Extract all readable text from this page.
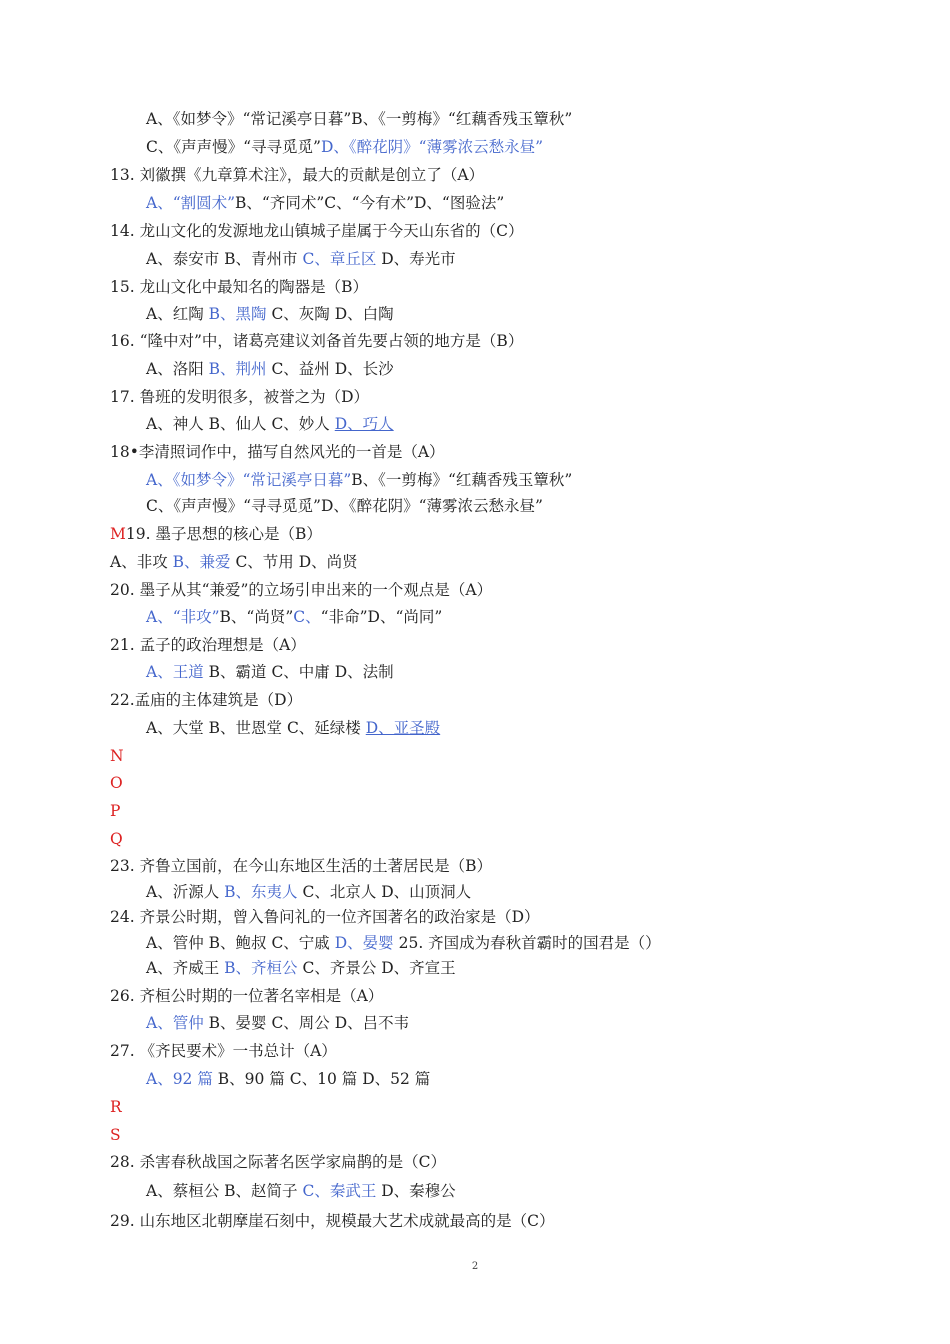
A、《如梦令》“常记溪亭日暮”B、《一剪梅》“红藕香残玉簟秋”
C、《声声慢》“寻寻觅觅”D、《醉花阴》“薄雾浓云愁永昼”
13. 刘徽撰《九章算术注》，最大的贡献是创立了（A）
A、“割圆术”B、“齐同术”C、“今有术”D、“图验法”
14. 龙山文化的发源地龙山镇城子崖属于今天山东省的（C）
A、泰安市 B、青州市 C、章丘区 D、寿光市
15. 龙山文化中最知名的陶器是（B）
A、红陶 B、黑陶 C、灰陶 D、白陶
16. “隆中对”中，诸葛亮建议刘备首先要占领的地方是（B）
A、洛阳 B、荆州 C、益州 D、长沙
17. 鲁班的发明很多，被誉之为（D）
A、神人 B、仙人 C、妙人 D、巧人
18•李清照词作中，描写自然风光的一首是（A）
A、《如梦令》“常记溪亭日暮”B、《一剪梅》“红藕香残玉簟秋”
C、《声声慢》“寻寻觅觅”D、《醉花阴》“薄雾浓云愁永昼”
M19. 墨子思想的核心是（B）
A、非攻 B、兼爱 C、节用 D、尚贤
20. 墨子从其“兼爱”的立场引申出来的一个观点是（A）
A、“非攻”B、“尚贤”C、“非命”D、“尚同”
21. 孟子的政治理想是（A）
A、王道 B、霸道 C、中庸 D、法制
22.孟庙的主体建筑是（D）
A、大堂 B、世恩堂 C、延绿楼 D、亚圣殿
N
O
P
Q
23. 齐鲁立国前，在今山东地区生活的土著居民是（B）
A、沂源人 B、东夷人 C、北京人 D、山顶洞人
24. 齐景公时期，曾入鲁问礼的一位齐国著名的政治家是（D）
A、管仲 B、鲍叔 C、宁戚 D、晏婴 25. 齐国成为春秋首霸时的国君是（）
A、齐威王 B、齐桓公 C、齐景公 D、齐宣王
26. 齐桓公时期的一位著名宰相是（A）
A、管仲 B、晏婴 C、周公 D、吕不韦
27. 《齐民要术》一书总计（A）
A、92 篇 B、90 篇 C、10 篇 D、52 篇
R
S
28. 杀害春秋战国之际著名医学家扁鹊的是（C）
A、蔡桓公 B、赵简子 C、秦武王 D、秦穆公
29. 山东地区北朝摩崖石刻中，规模最大艺术成就最高的是（C）
2
